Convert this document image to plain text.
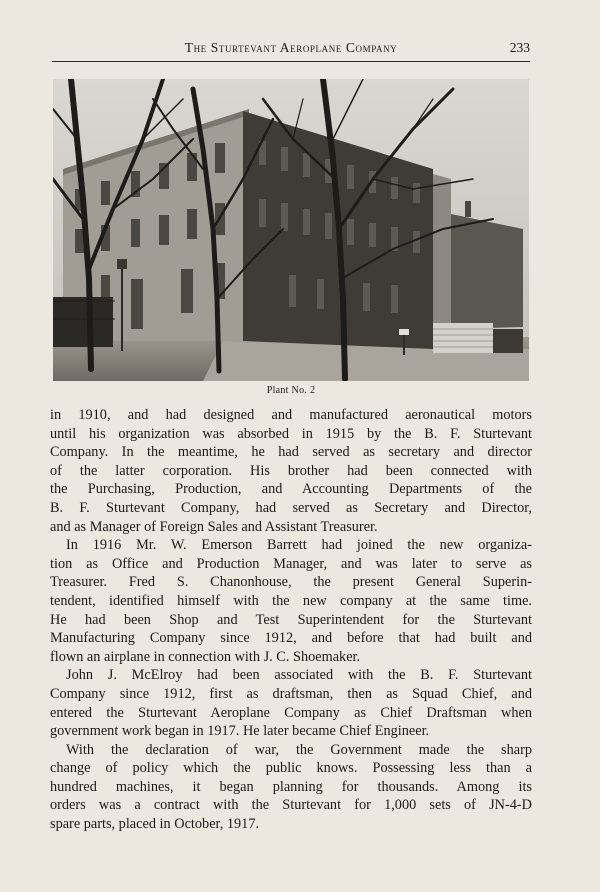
The Sturtevant Aeroplane Company	233
Plant No. 2

in 1910, and had designed and manufactured aeronautical motors

until his organization was absorbed in 1915 by the B. F. Sturtevant

Company. In the meantime, he had served as secretary and director

of the latter corporation. His brother had been connected with

the Purchasing, Production, and Accounting Departments of the

B. F. Sturtevant Company, had served as Secretary and Director,

and as Manager of Foreign Sales and Assistant Treasurer.

In 1916 Mr. W. Emerson Barrett had joined the new organiza-

tion as Office and Production Manager, and was later to serve as

Treasurer. Fred S. Chanonhouse, the present General Superin-

tendent, identified himself with the new company at the same time.

He had been Shop and Test Superintendent for the Sturtevant

Manufacturing Company since 1912, and before that had built and

flown an airplane in connection with J. C. Shoemaker.

John J. McElroy had been associated with the B. F. Sturtevant

Company since 1912, first as draftsman, then as Squad Chief, and

entered the Sturtevant Aeroplane Company as Chief Draftsman when

government work began in 1917. He later became Chief Engineer.

With the declaration of war, the Government made the sharp

change of policy which the public knows. Possessing less than a

hundred machines, it began planning for thousands. Among its

orders was a contract with the Sturtevant for 1,000 sets of JN-4-D

spare parts, placed in October, 1917.
